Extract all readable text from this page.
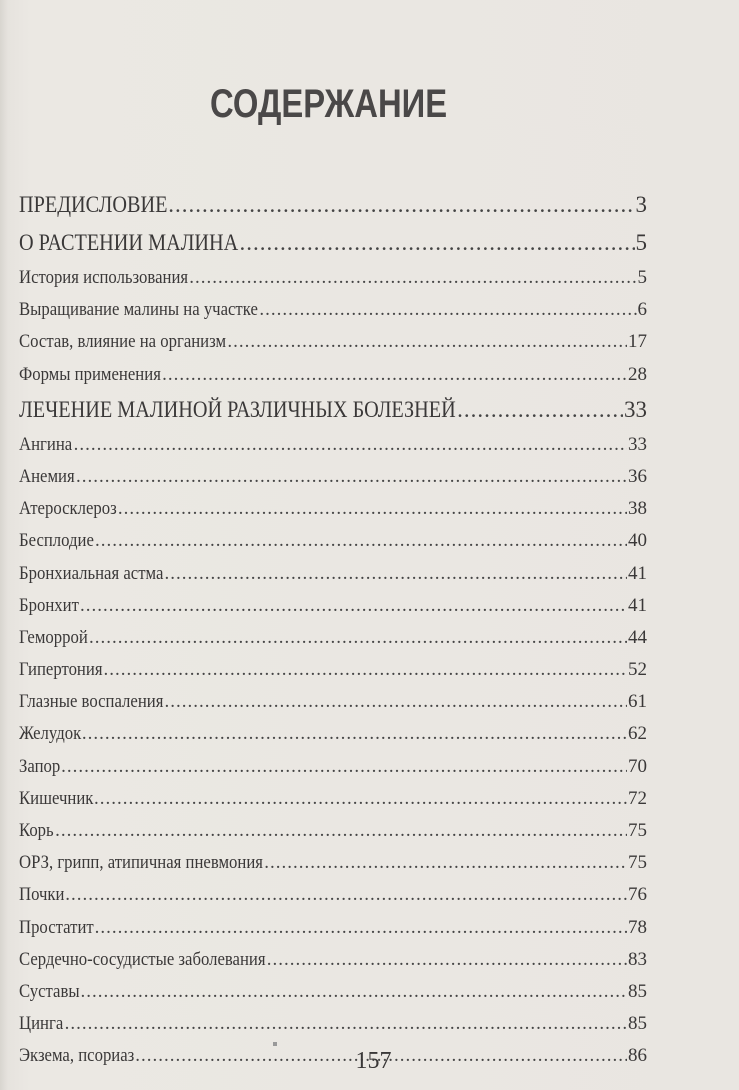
СОДЕРЖАНИЕ
ПРЕДИСЛОВИЕ .....	3
О РАСТЕНИИ МАЛИНА .....	5
История использования .....	5
Выращивание малины на участке .....	6
Состав, влияние на организм .....	17
Формы применения .....	28
ЛЕЧЕНИЕ МАЛИНОЙ РАЗЛИЧНЫХ БОЛЕЗНЕЙ .....	33
Ангина .....	33
Анемия .....	36
Атеросклероз .....	38
Бесплодие .....	40
Бронхиальная астма .....	41
Бронхит .....	41
Геморрой .....	44
Гипертония .....	52
Глазные воспаления .....	61
Желудок .....	62
Запор .....	70
Кишечник .....	72
Корь .....	75
ОРЗ, грипп, атипичная пневмония .....	75
Почки .....	76
Простатит .....	78
Сердечно-сосудистые заболевания .....	83
Суставы .....	85
Цинга .....	85
Экзема, псориаз .....	86
157
